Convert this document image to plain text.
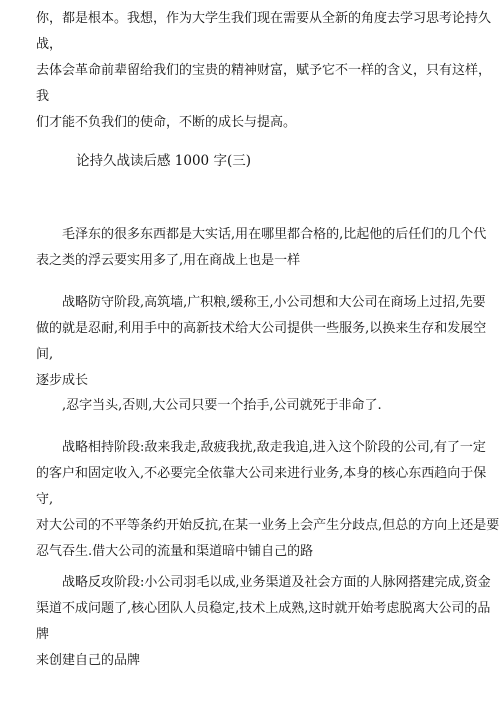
你，都是根本。我想，作为大学生我们现在需要从全新的角度去学习思考论持久战，
去体会革命前辈留给我们的宝贵的精神财富，赋予它不一样的含义，只有这样，我
们才能不负我们的使命，不断的成长与提高。

论持久战读后感 1000 字(三)

毛泽东的很多东西都是大实话,用在哪里都合格的,比起他的后任们的几个代
表之类的浮云要实用多了,用在商战上也是一样

战略防守阶段,高筑墙,广积粮,缓称王,小公司想和大公司在商场上过招,先要
做的就是忍耐,利用手中的高新技术给大公司提供一些服务,以换来生存和发展空间,
逐步成长

,忍字当头,否则,大公司只要一个抬手,公司就死于非命了.

战略相持阶段:敌来我走,敌疲我扰,敌走我追,进入这个阶段的公司,有了一定
的客户和固定收入,不必要完全依靠大公司来进行业务,本身的核心东西趋向于保守,
对大公司的不平等条约开始反抗,在某一业务上会产生分歧点,但总的方向上还是要
忍气吞生.借大公司的流量和渠道暗中铺自己的路

战略反攻阶段:小公司羽毛以成,业务渠道及社会方面的人脉网搭建完成,资金
渠道不成问题了,核心团队人员稳定,技术上成熟,这时就开始考虑脱离大公司的品牌
来创建自己的品牌
